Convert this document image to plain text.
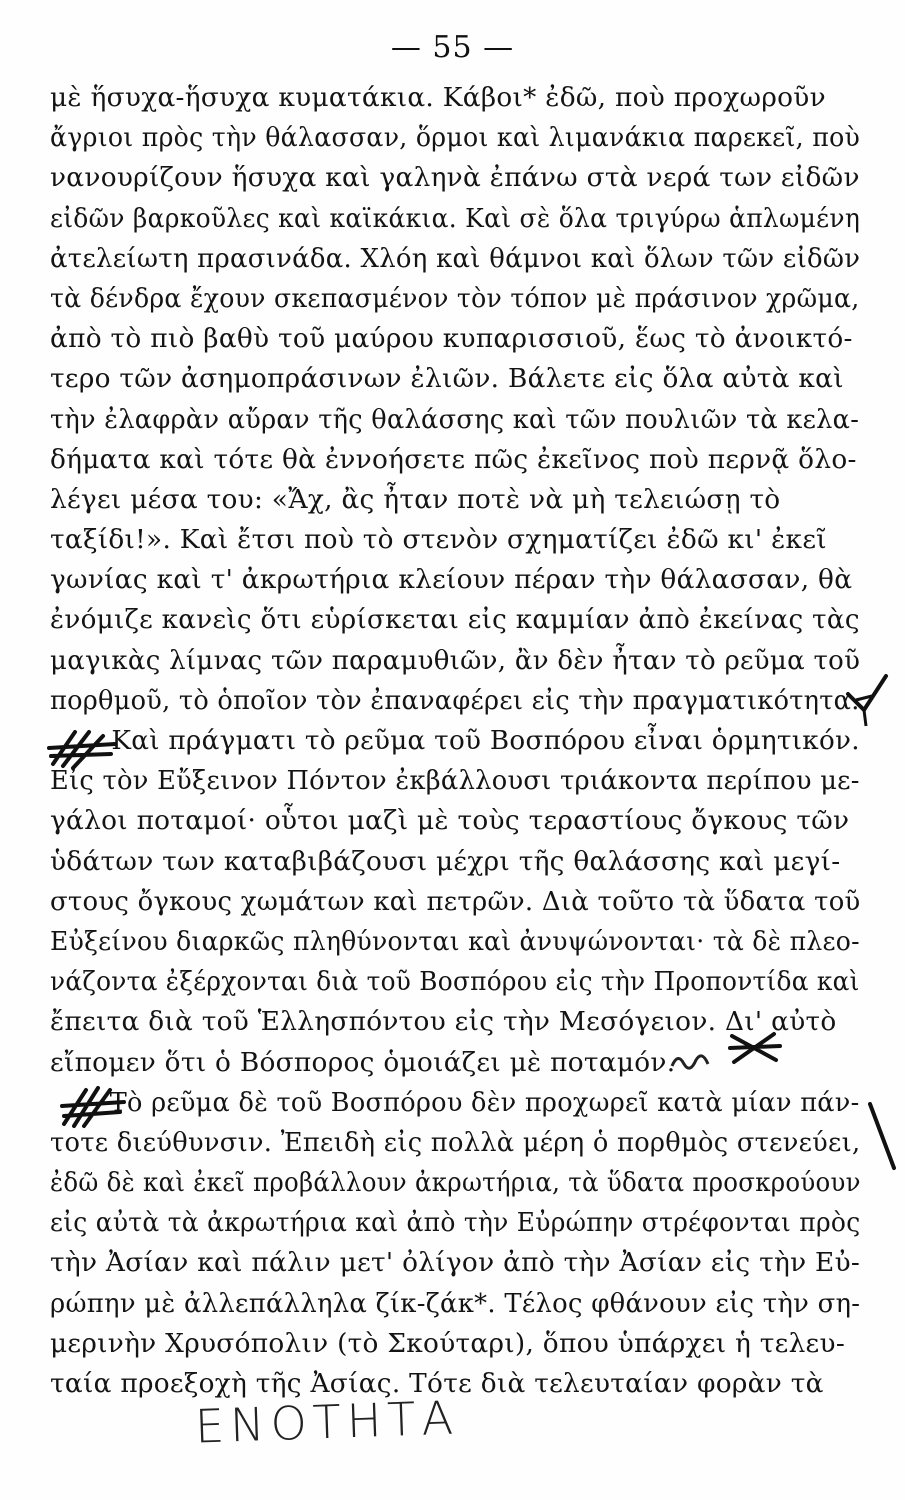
— 55 —
μὲ ἥσυχα-ἥσυχα κυματάκια. Κάβοι* ἐδῶ, ποὺ προχωροῦν
ἄγριοι πρὸς τὴν θάλασσαν, ὅρμοι καὶ λιμανάκια παρεκεῖ, ποὺ
νανουρίζουν ἥσυχα καὶ γαληνὰ ἐπάνω στὰ νερά των εἰδῶν
εἰδῶν βαρκοῦλες καὶ καϊκάκια. Καὶ σὲ ὅλα τριγύρω ἁπλωμένη
ἀτελείωτη πρασινάδα. Χλόη καὶ θάμνοι καὶ ὅλων τῶν εἰδῶν
τὰ δένδρα ἔχουν σκεπασμένον τὸν τόπον μὲ πράσινον χρῶμα,
ἀπὸ τὸ πιὸ βαθὺ τοῦ μαύρου κυπαρισσιοῦ, ἕως τὸ ἀνοικτό-
τερο τῶν ἀσημοπράσινων ἐλιῶν. Βάλετε εἰς ὅλα αὐτὰ καὶ
τὴν ἐλαφρὰν αὔραν τῆς θαλάσσης καὶ τῶν πουλιῶν τὰ κελα-
δήματα καὶ τότε θὰ ἐννοήσετε πῶς ἐκεῖνος ποὺ περνᾷ ὅλο-
λέγει μέσα του: «Ἄχ, ἂς ἦταν ποτὲ νὰ μὴ τελειώσῃ τὸ
ταξίδι!». Καὶ ἔτσι ποὺ τὸ στενὸν σχηματίζει ἐδῶ κι' ἐκεῖ
γωνίας καὶ τ' ἀκρωτήρια κλείουν πέραν τὴν θάλασσαν, θὰ
ἐνόμιζε κανεὶς ὅτι εὑρίσκεται εἰς καμμίαν ἀπὸ ἐκείνας τὰς
μαγικὰς λίμνας τῶν παραμυθιῶν, ἂν δὲν ἦταν τὸ ρεῦμα τοῦ
πορθμοῦ, τὸ ὁποῖον τὸν ἐπαναφέρει εἰς τὴν πραγματικότητα.
Καὶ πράγματι τὸ ρεῦμα τοῦ Βοσπόρου εἶναι ὁρμητικόν.
Εἰς τὸν Εὔξεινον Πόντον ἐκβάλλουσι τριάκοντα περίπου με-
γάλοι ποταμοί· οὗτοι μαζὶ μὲ τοὺς τεραστίους ὄγκους τῶν
ὑδάτων των καταβιβάζουσι μέχρι τῆς θαλάσσης καὶ μεγί-
στους ὄγκους χωμάτων καὶ πετρῶν. Διὰ τοῦτο τὰ ὕδατα τοῦ
Εὐξείνου διαρκῶς πληθύνονται καὶ ἀνυψώνονται· τὰ δὲ πλεο-
νάζοντα ἐξέρχονται διὰ τοῦ Βοσπόρου εἰς τὴν Προποντίδα καὶ
ἔπειτα διὰ τοῦ Ἑλλησπόντου εἰς τὴν Μεσόγειον. Δι' αὐτὸ
εἴπομεν ὅτι ὁ Βόσπορος ὁμοιάζει μὲ ποταμόν.
Τὸ ρεῦμα δὲ τοῦ Βοσπόρου δὲν προχωρεῖ κατὰ μίαν πάν-
τοτε διεύθυνσιν. Ἐπειδὴ εἰς πολλὰ μέρη ὁ πορθμὸς στενεύει,
ἐδῶ δὲ καὶ ἐκεῖ προβάλλουν ἀκρωτήρια, τὰ ὕδατα προσκρούουν
εἰς αὐτὰ τὰ ἀκρωτήρια καὶ ἀπὸ τὴν Εὐρώπην στρέφονται πρὸς
τὴν Ἀσίαν καὶ πάλιν μετ' ὀλίγον ἀπὸ τὴν Ἀσίαν εἰς τὴν Εὐ-
ρώπην μὲ ἀλλεπάλληλα ζίκ-ζάκ*. Τέλος φθάνουν εἰς τὴν ση-
μερινὴν Χρυσόπολιν (τὸ Σκούταρι), ὅπου ὑπάρχει ἡ τελευ-
ταία προεξοχὴ τῆς Ἀσίας. Τότε διὰ τελευταίαν φορὰν τὰ
ΕΝΟΤΗΤΑ
